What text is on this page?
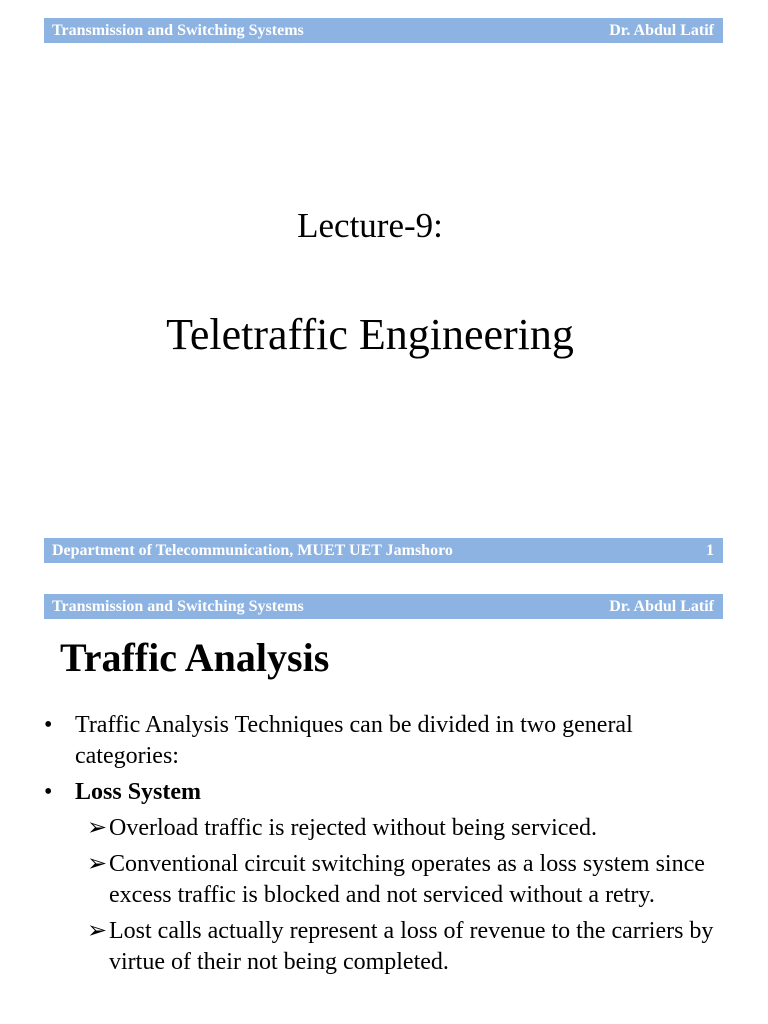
Transmission and Switching Systems	Dr. Abdul Latif
Lecture-9:
Teletraffic Engineering
Department of Telecommunication, MUET UET Jamshoro	1
Transmission and Switching Systems	Dr. Abdul Latif
Traffic Analysis
• Traffic Analysis Techniques can be divided in two general categories:
• Loss System
➢ Overload traffic is rejected without being serviced.
➢ Conventional circuit switching operates as a loss system since excess traffic is blocked and not serviced without a retry.
➢ Lost calls actually represent a loss of revenue to the carriers by virtue of their not being completed.
